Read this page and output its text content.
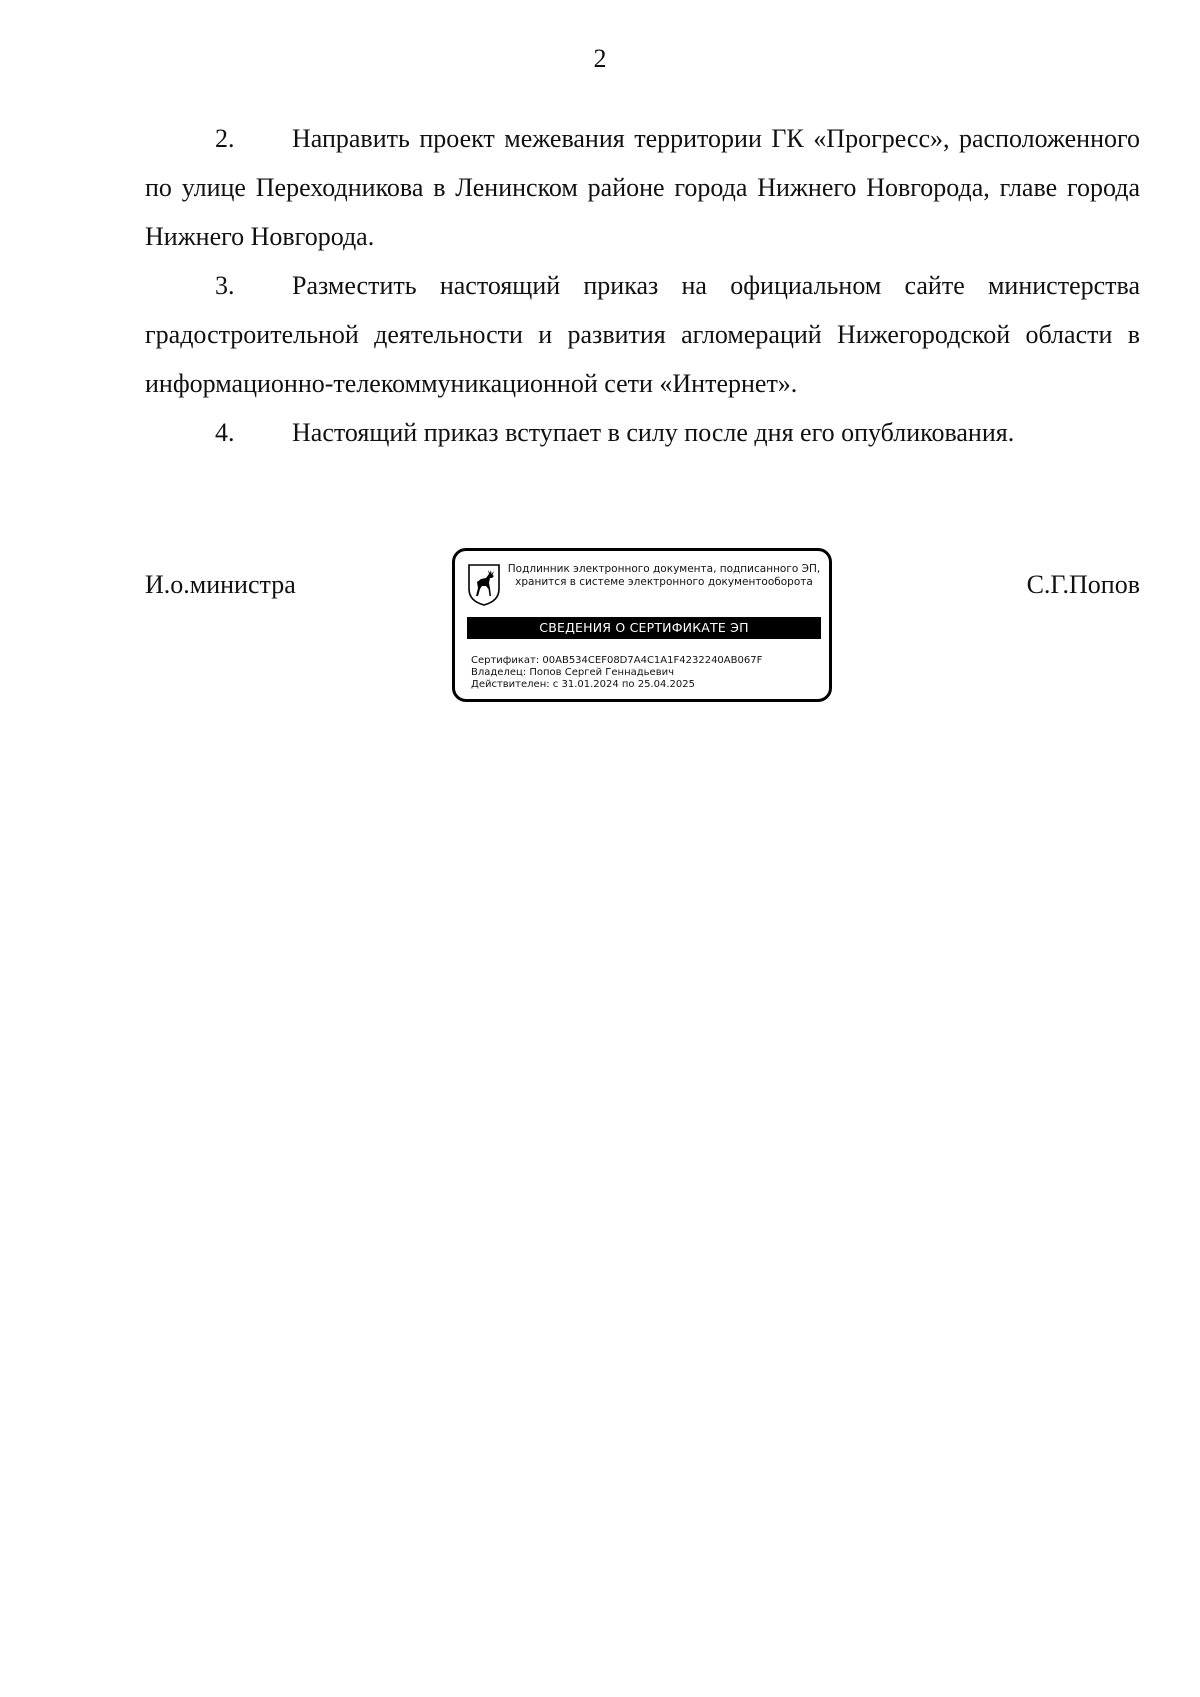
2

2. Направить проект межевания территории ГК «Прогресс», расположенного по улице Переходникова в Ленинском районе города Нижнего Новгорода, главе города Нижнего Новгорода.

3. Разместить настоящий приказ на официальном сайте министерства градостроительной деятельности и развития агломераций Нижегородской области в информационно-телекоммуникационной сети «Интернет».

4. Настоящий приказ вступает в силу после дня его опубликования.

И.о.министра
Подлинник электронного документа, подписанного ЭП,
хранится в системе электронного документооборота
СВЕДЕНИЯ О СЕРТИФИКАТЕ ЭП
Сертификат: 00AB534CEF08D7A4C1A1F4232240AB067F
Владелец: Попов Сергей Геннадьевич
Действителен: с 31.01.2024 по 25.04.2025
С.Г.Попов
